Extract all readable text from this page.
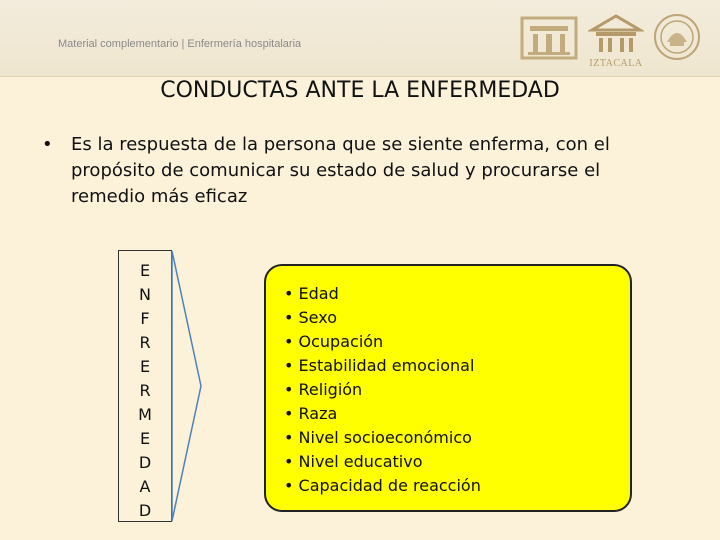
Material complementario | Enfermería hospitalaria
IZTACALA
CONDUCTAS ANTE LA ENFERMEDAD
• Es la respuesta de la persona que se siente enferma, con el propósito de comunicar su estado de salud y procurarse el remedio más eficaz
E
N
F
R
E
R
M
E
D
A
D
• Edad
• Sexo
• Ocupación
• Estabilidad emocional
• Religión
• Raza
• Nivel socioeconómico
• Nivel educativo
• Capacidad de reacción
